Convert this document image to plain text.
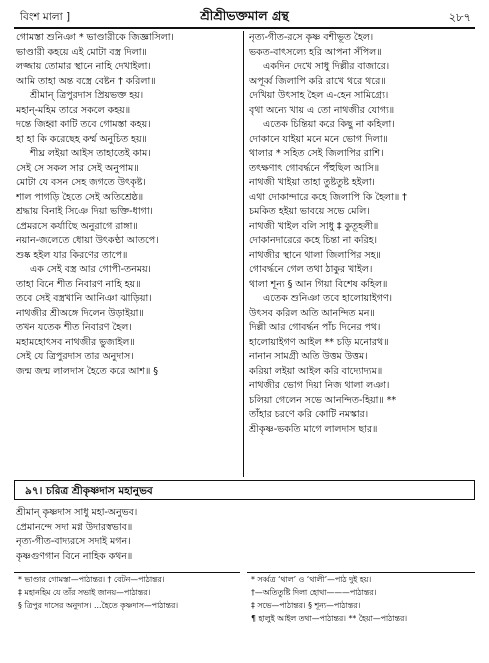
বিংশ মালা ]	শ্রীশ্রীভক্তমাল গ্রন্থ	২৮৭
গোমস্তা শুনিঞা * ভাণ্ডারীকে জিজ্ঞাসিলা।
ভাণ্ডারী কহয়ে এই মোটা বস্ত্র দিলা॥
লজ্জায় তোমার স্থানে নাহি দেখাইলা।
আমি তাহা অন্ত বস্ত্রে বেষ্টন † করিলা॥
শ্রীমান্‌ ত্রিপুরদাস প্রিয়ভক্ত হয়।
মহান্‌-মহিম তারে সকলে কহয়॥
দন্তে জিহ্বা কাটি তবে গোমস্তা কহয়।
হা হা কি করেছেহ কর্ম্ম অনুচিত হয়॥
শীঘ্র লইয়া আইস তাহাতেই কাম।
সেই সে সকল সার সেই অনুপাম॥
মোটা যে বসন সেহ জগতে উৎকৃষ্ট।
শাল পাগড়ি হৈতে সেই অতিশ্রেষ্ঠ॥
শ্রদ্ধায় বিনাই সিঞে দিয়া ভক্তি-ধাগা।
প্রেমরসে কর্যাছেি অনুরাগে রাঙ্গা॥
নয়ান-জলেতে ধোয়া উৎকণ্ঠা আতপে।
শুষ্ক হইল যার কিরণের তাপে॥
এক সেই বস্ত্র আর গোপী-তনময়।
তাহা বিনে শীত নিবারণ নাহি হয়॥
তবে সেই বস্ত্রখানি আনিঞা ঝাড়িয়া।
নাথজীর শ্রীঅঙ্গে দিলেন উড়াইয়া॥
তখন যতেক শীত নিবারণ হৈল।
মহামহোৎসব নাথজীর ভুজাইল॥
সেই যে ত্রিপুরদাস তার অনুদাস।
জন্ম জন্ম লালদাস হৈতে করে আশ॥ §
নৃত্য-গীত-রসে কৃষ্ণ বশীভূত হৈল।
ভকত-বাৎসল্যে হরি আপনা সঁপিল॥
একদিন দেখে সাধু দিল্লীর বাজারে।
অপূর্ব্ব জিলাপি করি রাখে থরে থরে॥
দেখিয়া উৎসাহ হৈল এ-হেন সামিগ্র্যে।
বৃথা অন্যে খায় এ তো নাথজীর যোগ্য॥
এতেক চিন্তিয়া করে কিছু না কহিলা।
দোকানে যাইয়া মনে মনে ভোগ দিলা॥
থালার * সহিত সেই জিলাপির রাশি।
তৎক্ষণাৎ গোবর্দ্ধনে পঁহুছিল আসি॥
নাথজী খাইয়া তাহা তুষ্টতুষ্ট হইলা।
এথা দোকান্দারে কহে জিলাপি কি হৈলা॥ †
চমকিত হইয়া ভাবয়ে সভে মেলি।
নাথজী খাইল বলি সাধু ‡ কুতূহলী॥
দোকানদারেরে কহে চিন্তা না করিহ।
নাথজীর স্থানে থালা জিলাপির সহ॥
গোবর্দ্ধনে গেল তথা ঠাকুর খাইল।
থালা শূন্য § আন গিয়া বিশেষ কহিল॥
এতেক শুনিঞা তবে হালোয়াইগণ।
উৎসব করিল অতি আনন্দিত মন॥
দিল্লী আর গোবর্দ্ধন পাঁচ দিনের পথ।
হালোয়াইগণ আইল ** চড়ি মনোরথ॥
নানান সামগ্রী অতি উত্তম উত্তম।
করিয়া লইয়া আইল করি বাদ্যোদ্যম॥
নাথজীর ভোগ দিয়া নিজ থালা লঞা।
চলিয়া গেলেন সভে আনন্দিত-হিয়া॥ **
তাঁহার চরণে করি কোটি নমস্কার।
শ্রীকৃষ্ণ-ভকতি মাগে লালদাস ছার॥
৯৭। চরিত্র শ্রীকৃষ্ণদাস মহানুভব
শ্রীমান্‌ কৃষ্ণদাস সাধু মহা-অনুভব।
প্রেমানন্দে সদা মগ্ন উদারস্বভাব॥
নৃত্য-গীত-বাদ্যরসে সদাই মগন।
কৃষ্ণগুণগান বিনে নাহিক কথন॥
* ভাণ্ডার গোমস্তা—পাঠান্তর। † বেটন—পাঠান্তর।
‡ মহানহিম যে তাঁর সভাই জানয়—পাঠান্তর।
§ ত্রিপুর দাসের অনুদাস। ...হৈতে কৃষ্ণদাস—পাঠান্তর।
* সর্ব্বত্র ‘থাল’ ও ‘থালী’—পাঠ দুই হয়।
†—অতিতুষ্টি দিলা হোথা———পাঠান্তর।
‡ সভে—পাঠান্তর। § শূন্য—পাঠান্তর।
¶ হালুই আইল তথা—পাঠান্তর। ** হৈয়া—পাঠান্তর।
